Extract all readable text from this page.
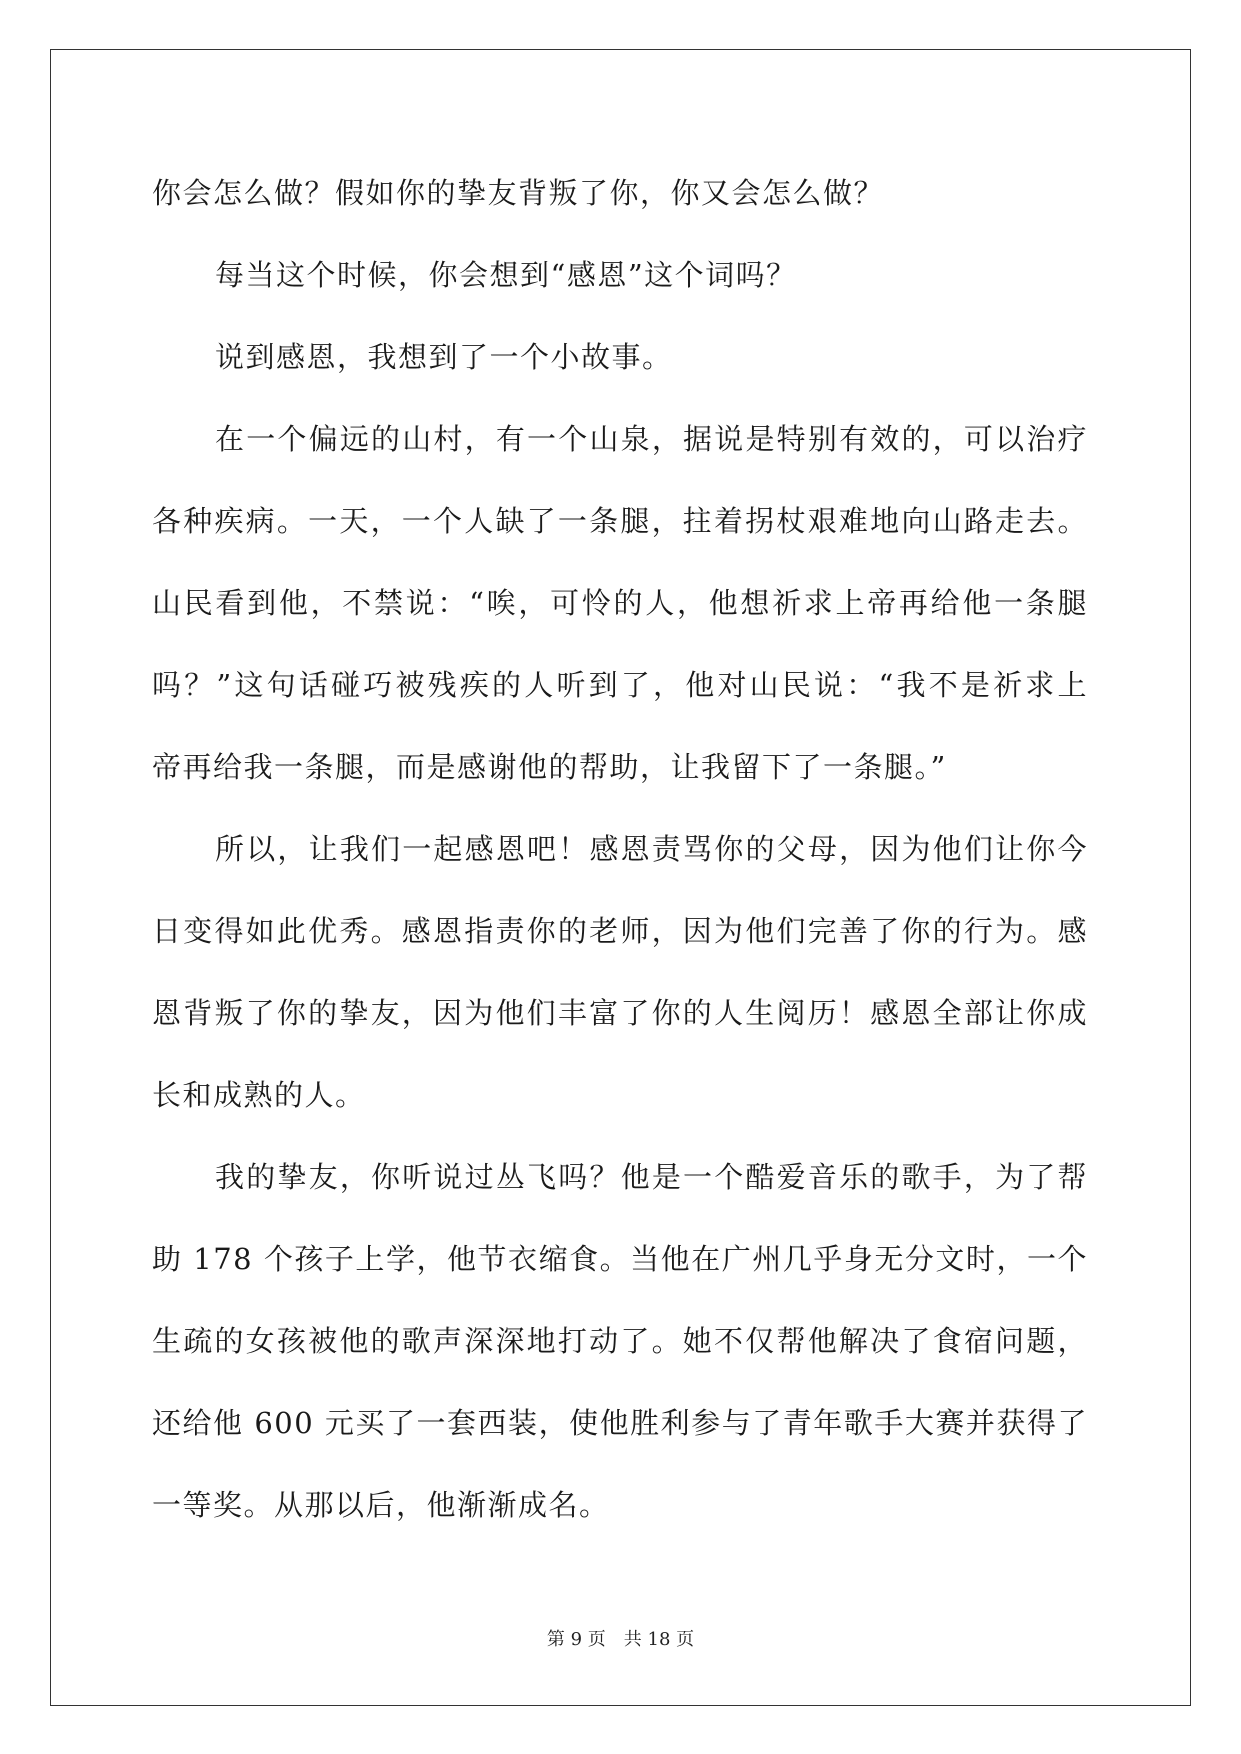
你会怎么做？假如你的挚友背叛了你，你又会怎么做？
每当这个时候，你会想到“感恩”这个词吗？
说到感恩，我想到了一个小故事。
在一个偏远的山村，有一个山泉，据说是特别有效的，可以治疗
各种疾病。一天，一个人缺了一条腿，拄着拐杖艰难地向山路走去。
山民看到他，不禁说：“唉，可怜的人，他想祈求上帝再给他一条腿
吗？”这句话碰巧被残疾的人听到了，他对山民说：“我不是祈求上
帝再给我一条腿，而是感谢他的帮助，让我留下了一条腿。”
所以，让我们一起感恩吧！感恩责骂你的父母，因为他们让你今
日变得如此优秀。感恩指责你的老师，因为他们完善了你的行为。感
恩背叛了你的挚友，因为他们丰富了你的人生阅历！感恩全部让你成
长和成熟的人。
我的挚友，你听说过丛飞吗？他是一个酷爱音乐的歌手，为了帮
助 178 个孩子上学，他节衣缩食。当他在广州几乎身无分文时，一个
生疏的女孩被他的歌声深深地打动了。她不仅帮他解决了食宿问题，
还给他 600 元买了一套西装，使他胜利参与了青年歌手大赛并获得了
一等奖。从那以后，他渐渐成名。
第 9 页 共 18 页
